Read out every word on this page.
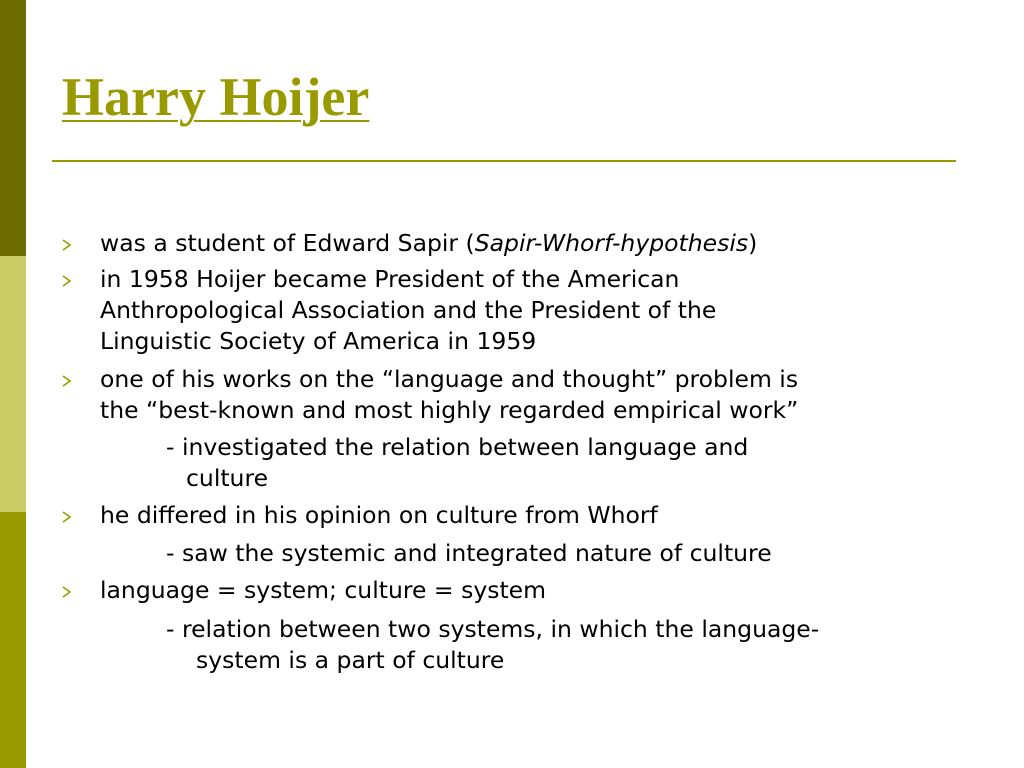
Harry Hoijer
was a student of Edward Sapir (Sapir-Whorf-hypothesis)
in 1958 Hoijer became President of the American
Anthropological Association and the President of the
Linguistic Society of America in 1959
one of his works on the “language and thought” problem is
the “best-known and most highly regarded empirical work”
- investigated the relation between language and
culture
he differed in his opinion on culture from Whorf
- saw the systemic and integrated nature of culture
language = system; culture = system
- relation between two systems, in which the language-
system is a part of culture
